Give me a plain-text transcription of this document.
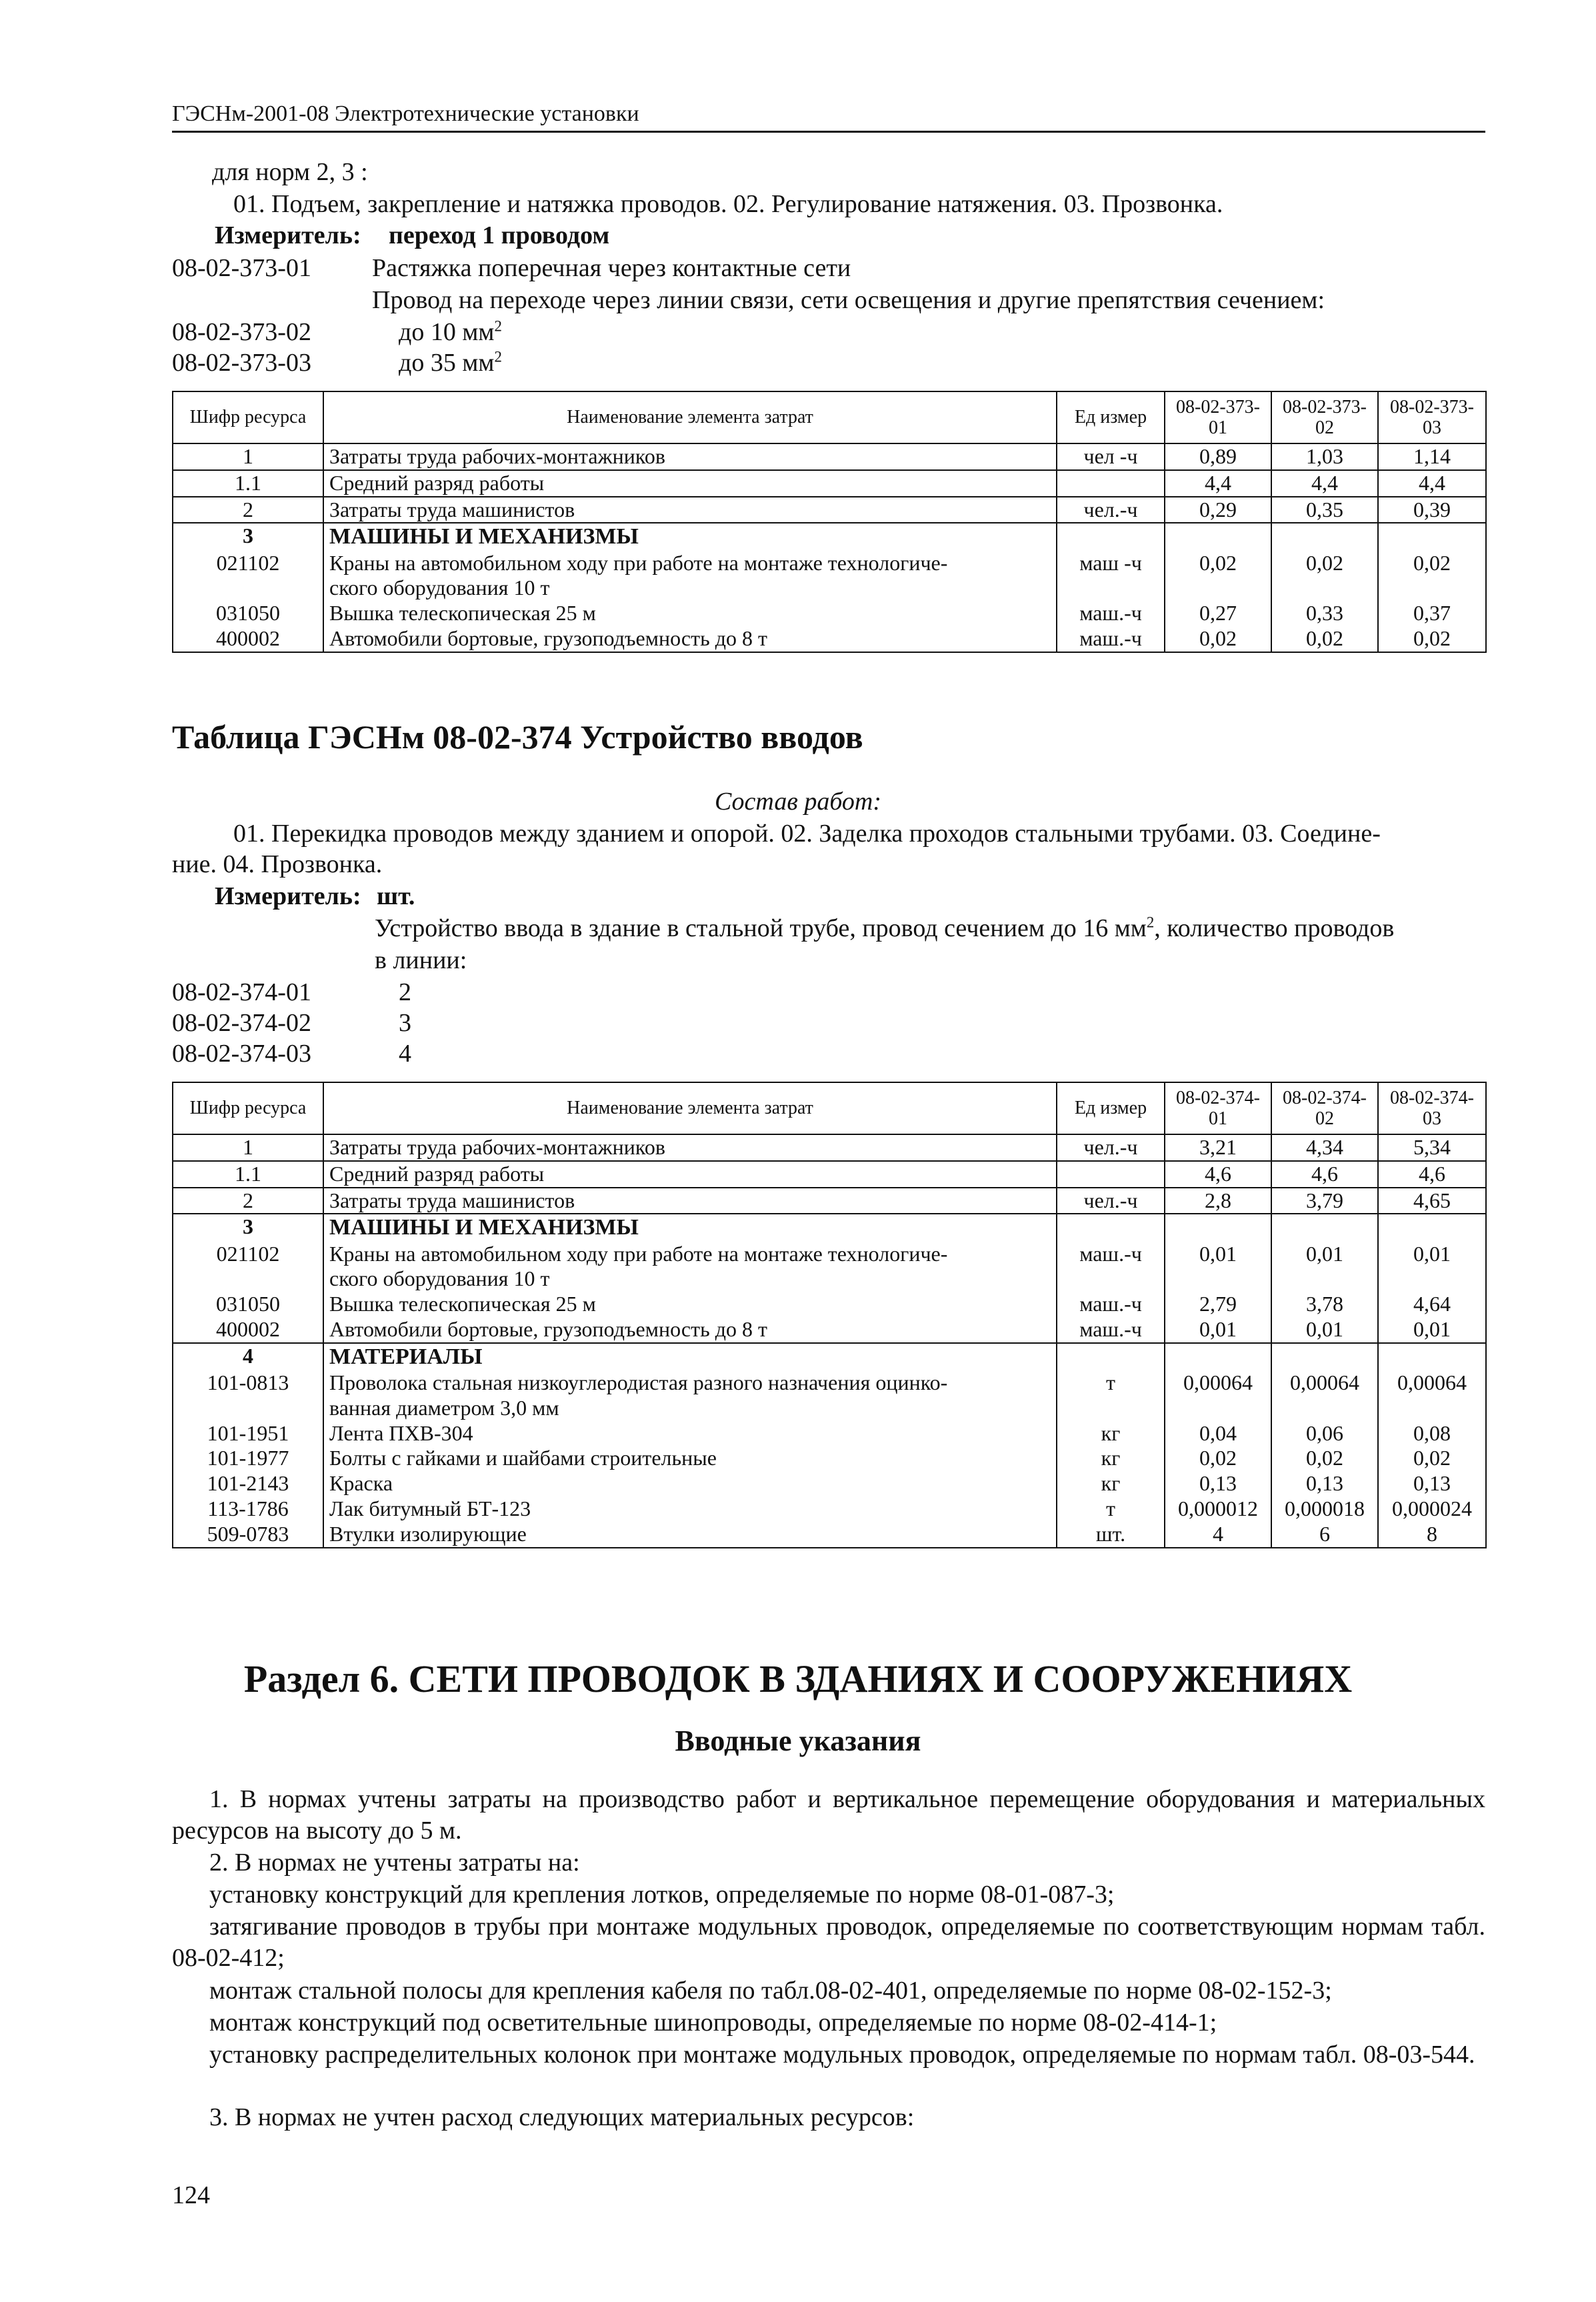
ГЭСНм-2001-08 Электротехнические установки
для норм 2, 3 :
01. Подъем, закрепление и натяжка проводов. 02. Регулирование натяжения. 03. Прозвонка.
Измеритель: переход 1 проводом
08-02-373-01 Растяжка поперечная через контактные сети
Провод на переходе через линии связи, сети освещения и другие препятствия сечением:
08-02-373-02	до 10 $мм^2$
08-02-373-03	до 35 $мм^2$
Шифр ресурса	Наименование элемента затрат	Ед измер	08-02-373-01	08-02-373-02	08-02-373-03
1	Затраты труда рабочих-монтажников	чел -ч	0,89	1,03	1,14
1.1	Средний разряд работы		4,4	4,4	4,4
2	Затраты труда машинистов	чел.-ч	0,29	0,35	0,39
3	МАШИНЫ И МЕХАНИЗМЫ				
021102	Краны на автомобильном ходу при работе на монтаже технологиче-	маш -ч	0,02	0,02	0,02
	ского оборудования 10 т				
031050	Вышка телескопическая 25 м	маш.-ч	0,27	0,33	0,37
400002	Автомобили бортовые, грузоподъемность до 8 т	маш.-ч	0,02	0,02	0,02
Таблица ГЭСНм 08-02-374 Устройство вводов
Состав работ:
01. Перекидка проводов между зданием и опорой. 02. Заделка проходов стальными трубами. 03. Соедине-
ние. 04. Прозвонка.
Измеритель: шт.
Устройство ввода в здание в стальной трубе, провод сечением до 16 $мм^2$, количество проводов
в линии:
08-02-374-01	2
08-02-374-02	3
08-02-374-03	4
Шифр ресурса	Наименование элемента затрат	Ед измер	08-02-374-01	08-02-374-02	08-02-374-03
1	Затраты труда рабочих-монтажников	чел.-ч	3,21	4,34	5,34
1.1	Средний разряд работы		4,6	4,6	4,6
2	Затраты труда машинистов	чел.-ч	2,8	3,79	4,65
3	МАШИНЫ И МЕХАНИЗМЫ				
021102	Краны на автомобильном ходу при работе на монтаже технологиче-	маш.-ч	0,01	0,01	0,01
	ского оборудования 10 т				
031050	Вышка телескопическая 25 м	маш.-ч	2,79	3,78	4,64
400002	Автомобили бортовые, грузоподъемность до 8 т	маш.-ч	0,01	0,01	0,01
4	МАТЕРИАЛЫ				
101-0813	Проволока стальная низкоуглеродистая разного назначения оцинко-	т	0,00064	0,00064	0,00064
	ванная диаметром 3,0 мм				
101-1951	Лента ПХВ-304	кг	0,04	0,06	0,08
101-1977	Болты с гайками и шайбами строительные	кг	0,02	0,02	0,02
101-2143	Краска	кг	0,13	0,13	0,13
113-1786	Лак битумный БТ-123	т	0,000012	0,000018	0,000024
509-0783	Втулки изолирующие	шт.	4	6	8
Раздел 6. СЕТИ ПРОВОДОК В ЗДАНИЯХ И СООРУЖЕНИЯХ
Вводные указания
1. В нормах учтены затраты на производство работ и вертикальное перемещение оборудования и материальных ресурсов на высоту до 5 м.
2. В нормах не учтены затраты на:
установку конструкций для крепления лотков, определяемые по норме 08-01-087-3;
затягивание проводов в трубы при монтаже модульных проводок, определяемые по соответствующим нормам табл. 08-02-412;
монтаж стальной полосы для крепления кабеля по табл.08-02-401, определяемые по норме 08-02-152-3;
монтаж конструкций под осветительные шинопроводы, определяемые по норме 08-02-414-1;
установку распределительных колонок при монтаже модульных проводок, определяемые по нормам табл. 08-03-544.
3. В нормах не учтен расход следующих материальных ресурсов:
124
